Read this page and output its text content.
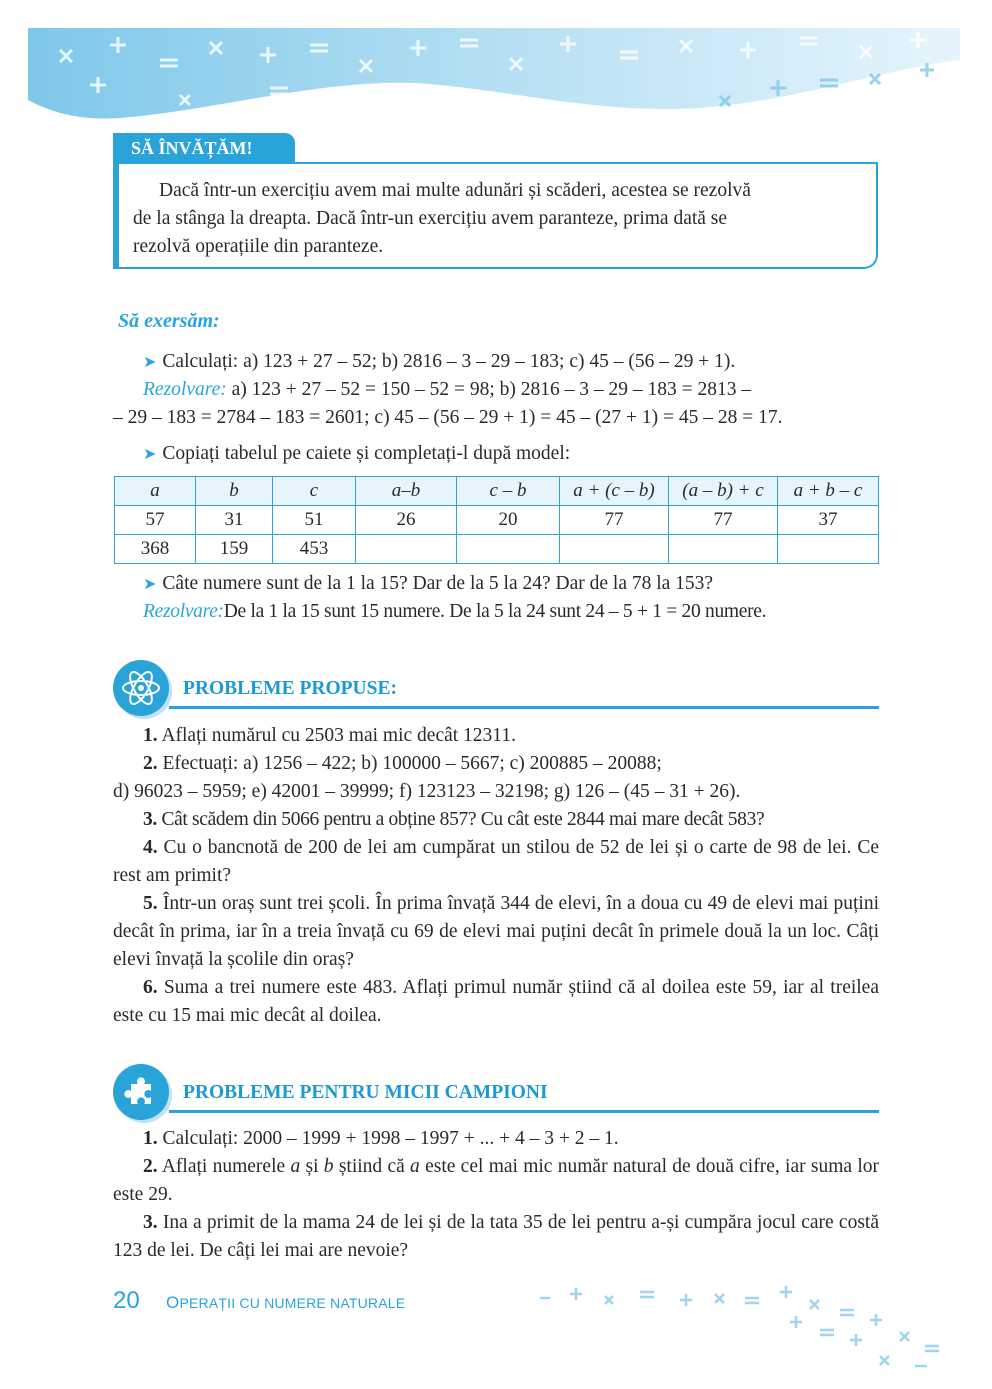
SĂ ÎNVĂȚĂM!
Dacă într-un exercițiu avem mai multe adunări și scăderi, acestea se rezolvă
de la stânga la dreapta. Dacă într-un exercițiu avem paranteze, prima dată se
rezolvă operațiile din paranteze.
Să exersăm:
➤ Calculați: a) 123 + 27 – 52; b) 2816 – 3 – 29 – 183; c) 45 – (56 – 29 + 1).
Rezolvare: a) 123 + 27 – 52 = 150 – 52 = 98; b) 2816 – 3 – 29 – 183 = 2813 –
– 29 – 183 = 2784 – 183 = 2601; c) 45 – (56 – 29 + 1) = 45 – (27 + 1) = 45 – 28 = 17.
➤ Copiați tabelul pe caiete și completați-l după model:
a	b	c	a–b	c – b	a + (c – b)	(a – b) + c	a + b – c
57	31	51	26	20	77	77	37
368	159	453					
➤ Câte numere sunt de la 1 la 15? Dar de la 5 la 24? Dar de la 78 la 153?
Rezolvare:De la 1 la 15 sunt 15 numere. De la 5 la 24 sunt 24 – 5 + 1 = 20 numere.
PROBLEME PROPUSE:
1. Aflați numărul cu 2503 mai mic decât 12311.
2. Efectuați: a) 1256 – 422; b) 100000 – 5667; c) 200885 – 20088;
d) 96023 – 5959; e) 42001 – 39999; f) 123123 – 32198; g) 126 – (45 – 31 + 26).
3. Cât scădem din 5066 pentru a obține 857? Cu cât este 2844 mai mare decât 583?
4. Cu o bancnotă de 200 de lei am cumpărat un stilou de 52 de lei și o carte de 98 de lei. Ce rest am primit?
5. Într-un oraș sunt trei școli. În prima învață 344 de elevi, în a doua cu 49 de elevi mai puțini decât în prima, iar în a treia învață cu 69 de elevi mai puțini decât în primele două la un loc. Câți elevi învață la școlile din oraș?
6. Suma a trei numere este 483. Aflați primul număr știind că al doilea este 59, iar al treilea este cu 15 mai mic decât al doilea.
PROBLEME PENTRU MICII CAMPIONI
1. Calculați: 2000 – 1999 + 1998 – 1997 + ... + 4 – 3 + 2 – 1.
2. Aflați numerele a și b știind că a este cel mai mic număr natural de două cifre, iar suma lor este 29.
3. Ina a primit de la mama 24 de lei și de la tata 35 de lei pentru a-și cumpăra jocul care costă 123 de lei. De câți lei mai are nevoie?
20 OPERAȚII CU NUMERE NATURALE
